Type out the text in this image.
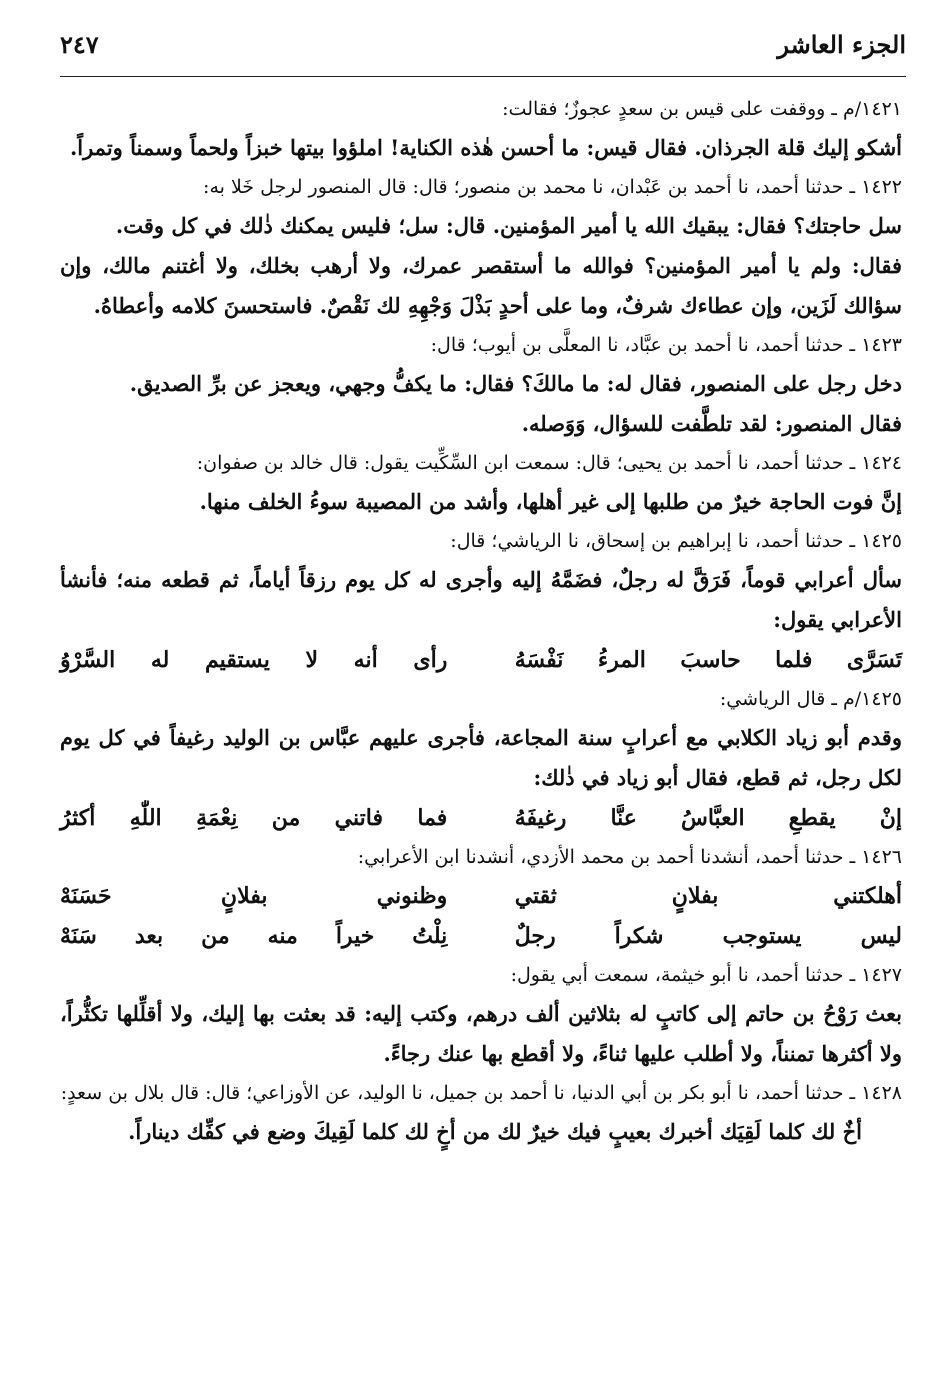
٢٤٧	الجزء العاشر

١٤٢١/م ـ ووقفت على قيس بن سعدٍ عجوزٌ؛ فقالت:

أشكو إليك قلة الجرذان. فقال قيس: ما أحسن هٰذه الكناية! املؤوا بيتها خبزاً ولحماً وسمناً وتمراً.

١٤٢٢ ـ حدثنا أحمد، نا أحمد بن عَبْدان، نا محمد بن منصور؛ قال: قال المنصور لرجل خَلا به:

سل حاجتك؟ فقال: يبقيك الله يا أمير المؤمنين. قال: سل؛ فليس يمكنك ذٰلك في كل وقت.

فقال: ولم يا أمير المؤمنين؟ فوالله ما أستقصر عمرك، ولا أرهب بخلك، ولا أغتنم مالك، وإن سؤالك لَزَين، وإن عطاءك شرفٌ، وما على أحدٍ بَذْلَ وَجْهِهِ لك نَقْصٌ. فاستحسنَ كلامه وأعطاهُ.

١٤٢٣ ـ حدثنا أحمد، نا أحمد بن عبَّاد، نا المعلَّى بن أيوب؛ قال:

دخل رجل على المنصور، فقال له: ما مالكَ؟ فقال: ما يكفُّ وجهي، ويعجز عن برِّ الصديق.

فقال المنصور: لقد تلطَّفت للسؤال، وَوَصله.

١٤٢٤ ـ حدثنا أحمد، نا أحمد بن يحيى؛ قال: سمعت ابن السِّكِّيت يقول: قال خالد بن صفوان:

إنَّ فوت الحاجة خيرٌ من طلبها إلى غير أهلها، وأشد من المصيبة سوءُ الخلف منها.

١٤٢٥ ـ حدثنا أحمد، نا إبراهيم بن إسحاق، نا الرياشي؛ قال:

سأل أعرابي قوماً، فَرَقَّ له رجلٌ، فضَمَّهُ إليه وأجرى له كل يوم رزقاً أياماً، ثم قطعه منه؛ فأنشأ الأعرابي يقول:

تَسَرَّى فلما حاسبَ المرءُ نَفْسَهُ
رأى أنه لا يستقيم له السَّرْوُ

١٤٢٥/م ـ قال الرياشي:

وقدم أبو زياد الكلابي مع أعرابٍ سنة المجاعة، فأجرى عليهم عبَّاس بن الوليد رغيفاً في كل يوم لكل رجل، ثم قطع، فقال أبو زياد في ذٰلك:

إنْ يقطعِ العبَّاسُ عنَّا رغيفَهُ
فما فاتني من نِعْمَةِ اللّٰهِ أكثرُ

١٤٢٦ ـ حدثنا أحمد، أنشدنا أحمد بن محمد الأزدي، أنشدنا ابن الأعرابي:

أهلكتني بفلانٍ ثقتي
وظنوني بفلانٍ حَسَنَهْ
ليس يستوجب شكراً رجلٌ
نِلْتُ خيراً منه من بعد سَنَهْ

١٤٢٧ ـ حدثنا أحمد، نا أبو خيثمة، سمعت أبي يقول:

بعث رَوْحُ بن حاتم إلى كاتبٍ له بثلاثين ألف درهم، وكتب إليه: قد بعثت بها إليك، ولا أقلِّلها تكثُّراً، ولا أكثرها تمنناً، ولا أطلب عليها ثناءً، ولا أقطع بها عنك رجاءً.

١٤٢٨ ـ حدثنا أحمد، نا أبو بكر بن أبي الدنيا، نا أحمد بن جميل، نا الوليد، عن الأوزاعي؛ قال: قال بلال بن سعدٍ:

أخٌ لك كلما لَقِيَك أخبرك بعيبٍ فيك خيرٌ لك من أخٍ لك كلما لَقِيكَ وضع في كفِّك ديناراً.
